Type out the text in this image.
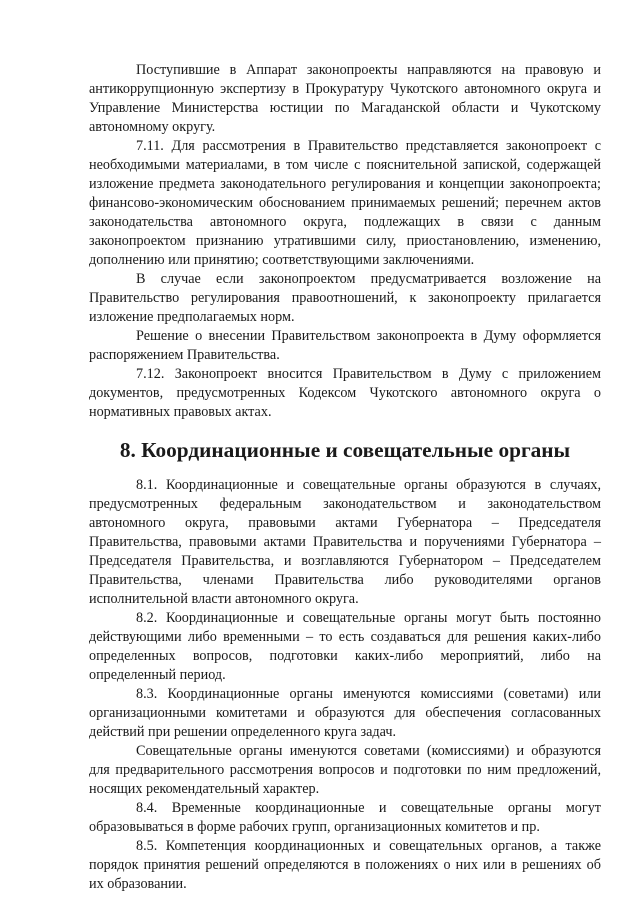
Поступившие в Аппарат законопроекты направляются на правовую и антикоррупционную экспертизу в Прокуратуру Чукотского автономного округа и Управление Министерства юстиции по Магаданской области и Чукотскому автономному округу.

7.11. Для рассмотрения в Правительство представляется законопроект с необходимыми материалами, в том числе с пояснительной запиской, содержащей изложение предмета законодательного регулирования и концепции законопроекта; финансово-экономическим обоснованием принимаемых решений; перечнем актов законодательства автономного округа, подлежащих в связи с данным законопроектом признанию утратившими силу, приостановлению, изменению, дополнению или принятию; соответствующими заключениями.

В случае если законопроектом предусматривается возложение на Правительство регулирования правоотношений, к законопроекту прилагается изложение предполагаемых норм.

Решение о внесении Правительством законопроекта в Думу оформляется распоряжением Правительства.

7.12. Законопроект вносится Правительством в Думу с приложением документов, предусмотренных Кодексом Чукотского автономного округа о нормативных правовых актах.

8. Координационные и совещательные органы

8.1. Координационные и совещательные органы образуются в случаях, предусмотренных федеральным законодательством и законодательством автономного округа, правовыми актами Губернатора – Председателя Правительства, правовыми актами Правительства и поручениями Губернатора – Председателя Правительства, и возглавляются Губернатором – Председателем Правительства, членами Правительства либо руководителями органов исполнительной власти автономного округа.

8.2. Координационные и совещательные органы могут быть постоянно действующими либо временными – то есть создаваться для решения каких-либо определенных вопросов, подготовки каких-либо мероприятий, либо на определенный период.

8.3. Координационные органы именуются комиссиями (советами) или организационными комитетами и образуются для обеспечения согласованных действий при решении определенного круга задач.

Совещательные органы именуются советами (комиссиями) и образуются для предварительного рассмотрения вопросов и подготовки по ним предложений, носящих рекомендательный характер.

8.4. Временные координационные и совещательные органы могут образовываться в форме рабочих групп, организационных комитетов и пр.

8.5. Компетенция координационных и совещательных органов, а также порядок принятия решений определяются в положениях о них или в решениях об их образовании.
